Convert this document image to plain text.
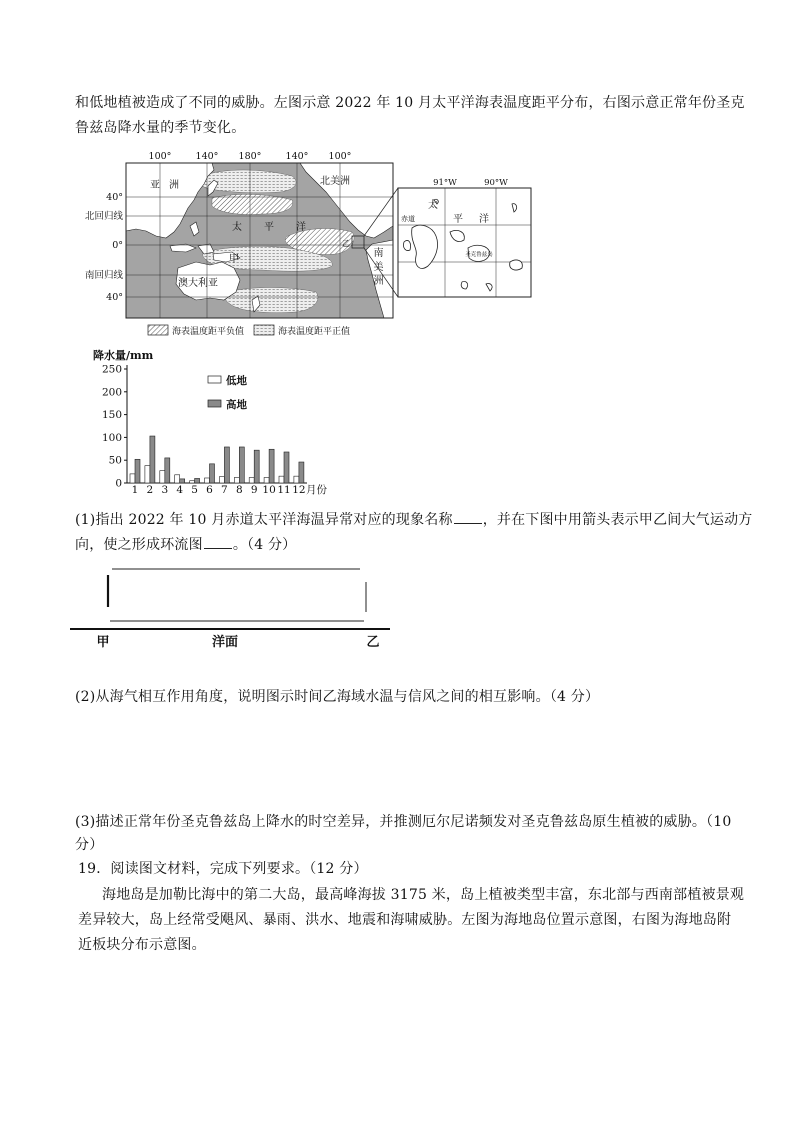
和低地植被造成了不同的威胁。左图示意 2022 年 10 月太平洋海表温度距平分布，右图示意正常年份圣克
鲁兹岛降水量的季节变化。
100°	140° 180°	140° 100°
40°
北回归线
0°
南回归线
40°
亚洲	北美洲
太平洋
甲
乙
澳大利亚
海表温度距平负值	海表温度距平正值
91°W	90°W
赤道
太
平 洋
圣克鲁兹岛
南美洲
降水量/mm
0
50
100
150
200
250
1 2 3 4 5 6 7 8 9 10 11 12 月份
低地
高地
(1)指出 2022 年 10 月赤道太平洋海温异常对应的现象名称 ，并在下图中用箭头表示甲乙间大气运动方
向，使之形成环流图 。（4 分）
甲	洋面	乙
(2)从海气相互作用角度，说明图示时间乙海域水温与信风之间的相互影响。（4 分）
(3)描述正常年份圣克鲁兹岛上降水的时空差异，并推测厄尔尼诺频发对圣克鲁兹岛原生植被的威胁。（10
分）
19．阅读图文材料，完成下列要求。（12 分）
海地岛是加勒比海中的第二大岛，最高峰海拔 3175 米，岛上植被类型丰富，东北部与西南部植被景观
差异较大，岛上经常受飓风、暴雨、洪水、地震和海啸威胁。左图为海地岛位置示意图，右图为海地岛附
近板块分布示意图。
